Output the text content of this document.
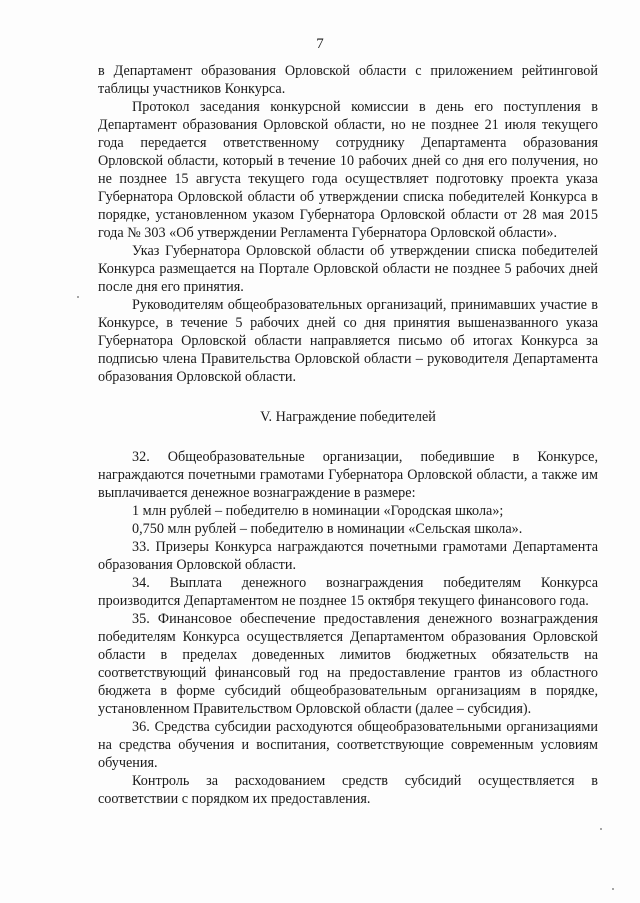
7

в Департамент образования Орловской области с приложением рейтинговой таблицы участников Конкурса.

Протокол заседания конкурсной комиссии в день его поступления в Департамент образования Орловской области, но не позднее 21 июля текущего года передается ответственному сотруднику Департамента образования Орловской области, который в течение 10 рабочих дней со дня его получения, но не позднее 15 августа текущего года осуществляет подготовку проекта указа Губернатора Орловской области об утверждении списка победителей Конкурса в порядке, установленном указом Губернатора Орловской области от 28 мая 2015 года № 303 «Об утверждении Регламента Губернатора Орловской области».

Указ Губернатора Орловской области об утверждении списка победителей Конкурса размещается на Портале Орловской области не позднее 5 рабочих дней после дня его принятия.

Руководителям общеобразовательных организаций, принимавших участие в Конкурсе, в течение 5 рабочих дней со дня принятия вышеназванного указа Губернатора Орловской области направляется письмо об итогах Конкурса за подписью члена Правительства Орловской области – руководителя Департамента образования Орловской области.

V. Награждение победителей

32. Общеобразовательные организации, победившие в Конкурсе, награждаются почетными грамотами Губернатора Орловской области, а также им выплачивается денежное вознаграждение в размере:

1 млн рублей – победителю в номинации «Городская школа»;

0,750 млн рублей – победителю в номинации «Сельская школа».

33. Призеры Конкурса награждаются почетными грамотами Департамента образования Орловской области.

34. Выплата денежного вознаграждения победителям Конкурса производится Департаментом не позднее 15 октября текущего финансового года.

35. Финансовое обеспечение предоставления денежного вознаграждения победителям Конкурса осуществляется Департаментом образования Орловской области в пределах доведенных лимитов бюджетных обязательств на соответствующий финансовый год на предоставление грантов из областного бюджета в форме субсидий общеобразовательным организациям в порядке, установленном Правительством Орловской области (далее – субсидия).

36. Средства субсидии расходуются общеобразовательными организациями на средства обучения и воспитания, соответствующие современным условиям обучения.

Контроль за расходованием средств субсидий осуществляется в соответствии с порядком их предоставления.
